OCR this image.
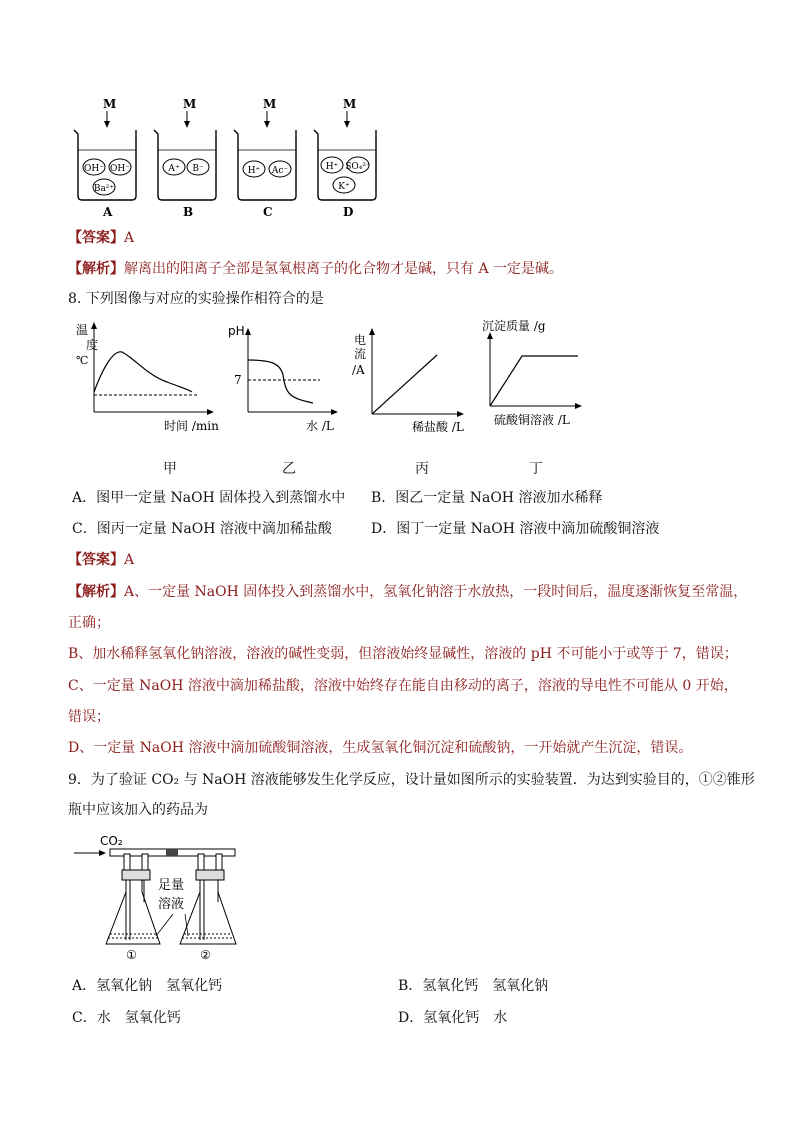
M
OH⁻ OH⁻
Ba²⁺
A
M
A⁺ B⁻
B
M
H⁺ Ac⁻
C
M
H⁺ SO₄²⁻
K⁺
D
【答案】A
【解析】解离出的阳离子全部是氢氧根离子的化合物才是碱，只有 A 一定是碱。
8. 下列图像与对应的实验操作相符合的是
温
度
℃
时间 /min
pH
7
水 /L
电
流
/A
稀盐酸 /L
沉淀质量 /g
硫酸铜溶液 /L
甲	乙	丙	丁
A．图甲一定量 NaOH 固体投入到蒸馏水中 B．图乙一定量 NaOH 溶液加水稀释
C．图丙一定量 NaOH 溶液中滴加稀盐酸	D．图丁一定量 NaOH 溶液中滴加硫酸铜溶液
【答案】A
【解析】A、一定量 NaOH 固体投入到蒸馏水中，氢氧化钠溶于水放热，一段时间后，温度逐渐恢复至常温，
正确；
B、加水稀释氢氧化钠溶液，溶液的碱性变弱，但溶液始终显碱性，溶液的 pH 不可能小于或等于 7，错误；
C、一定量 NaOH 溶液中滴加稀盐酸，溶液中始终存在能自由移动的离子，溶液的导电性不可能从 0 开始，
错误；
D、一定量 NaOH 溶液中滴加硫酸铜溶液，生成氢氧化铜沉淀和硫酸钠，一开始就产生沉淀，错误。
9．为了验证 CO₂ 与 NaOH 溶液能够发生化学反应，设计量如图所示的实验装置．为达到实验目的，①②锥形
瓶中应该加入的药品为
CO₂
足量
溶液
①	②
A．氢氧化钠　氢氧化钙	B．氢氧化钙　氢氧化钠
C．水　氢氧化钙	D．氢氧化钙　水
